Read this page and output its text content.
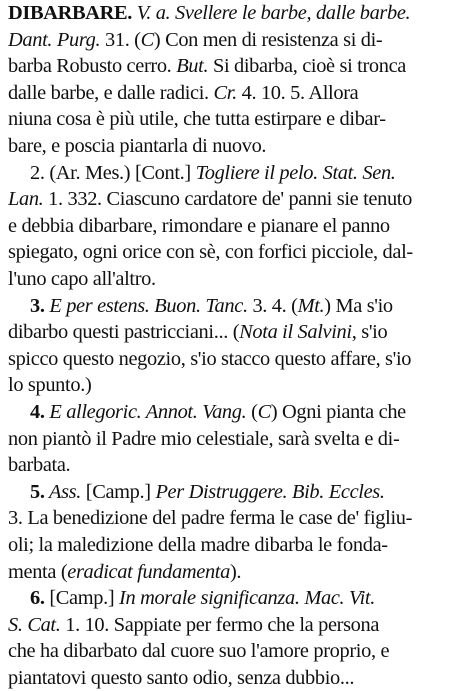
DIBARBARE. V. a. Svellere le barbe, dalle barbe.
Dant. Purg. 31. (C) Con men di resistenza si di-
barba Robusto cerro. But. Si dibarba, cioè si tronca
dalle barbe, e dalle radici. Cr. 4. 10. 5. Allora
niuna cosa è più utile, che tutta estirpare e dibar-
bare, e poscia piantarla di nuovo.
2. (Ar. Mes.) [Cont.] Togliere il pelo. Stat. Sen.
Lan. 1. 332. Ciascuno cardatore de' panni sie tenuto
e debbia dibarbare, rimondare e pianare el panno
spiegato, ogni orice con sè, con forfici picciole, dal-
l'uno capo all'altro.
3. E per estens. Buon. Tanc. 3. 4. (Mt.) Ma s'io
dibarbo questi pastricciani... (Nota il Salvini, s'io
spicco questo negozio, s'io stacco questo affare, s'io
lo spunto.)
4. E allegoric. Annot. Vang. (C) Ogni pianta che
non piantò il Padre mio celestiale, sarà svelta e di-
barbata.
5. Ass. [Camp.] Per Distruggere. Bib. Eccles.
3. La benedizione del padre ferma le case de' figliu-
oli; la maledizione della madre dibarba le fonda-
menta (eradicat fundamenta).
6. [Camp.] In morale significanza. Mac. Vit.
S. Cat. 1. 10. Sappiate per fermo che la persona
che ha dibarbato dal cuore suo l'amore proprio, e
piantatovi questo santo odio, senza dubbio...
